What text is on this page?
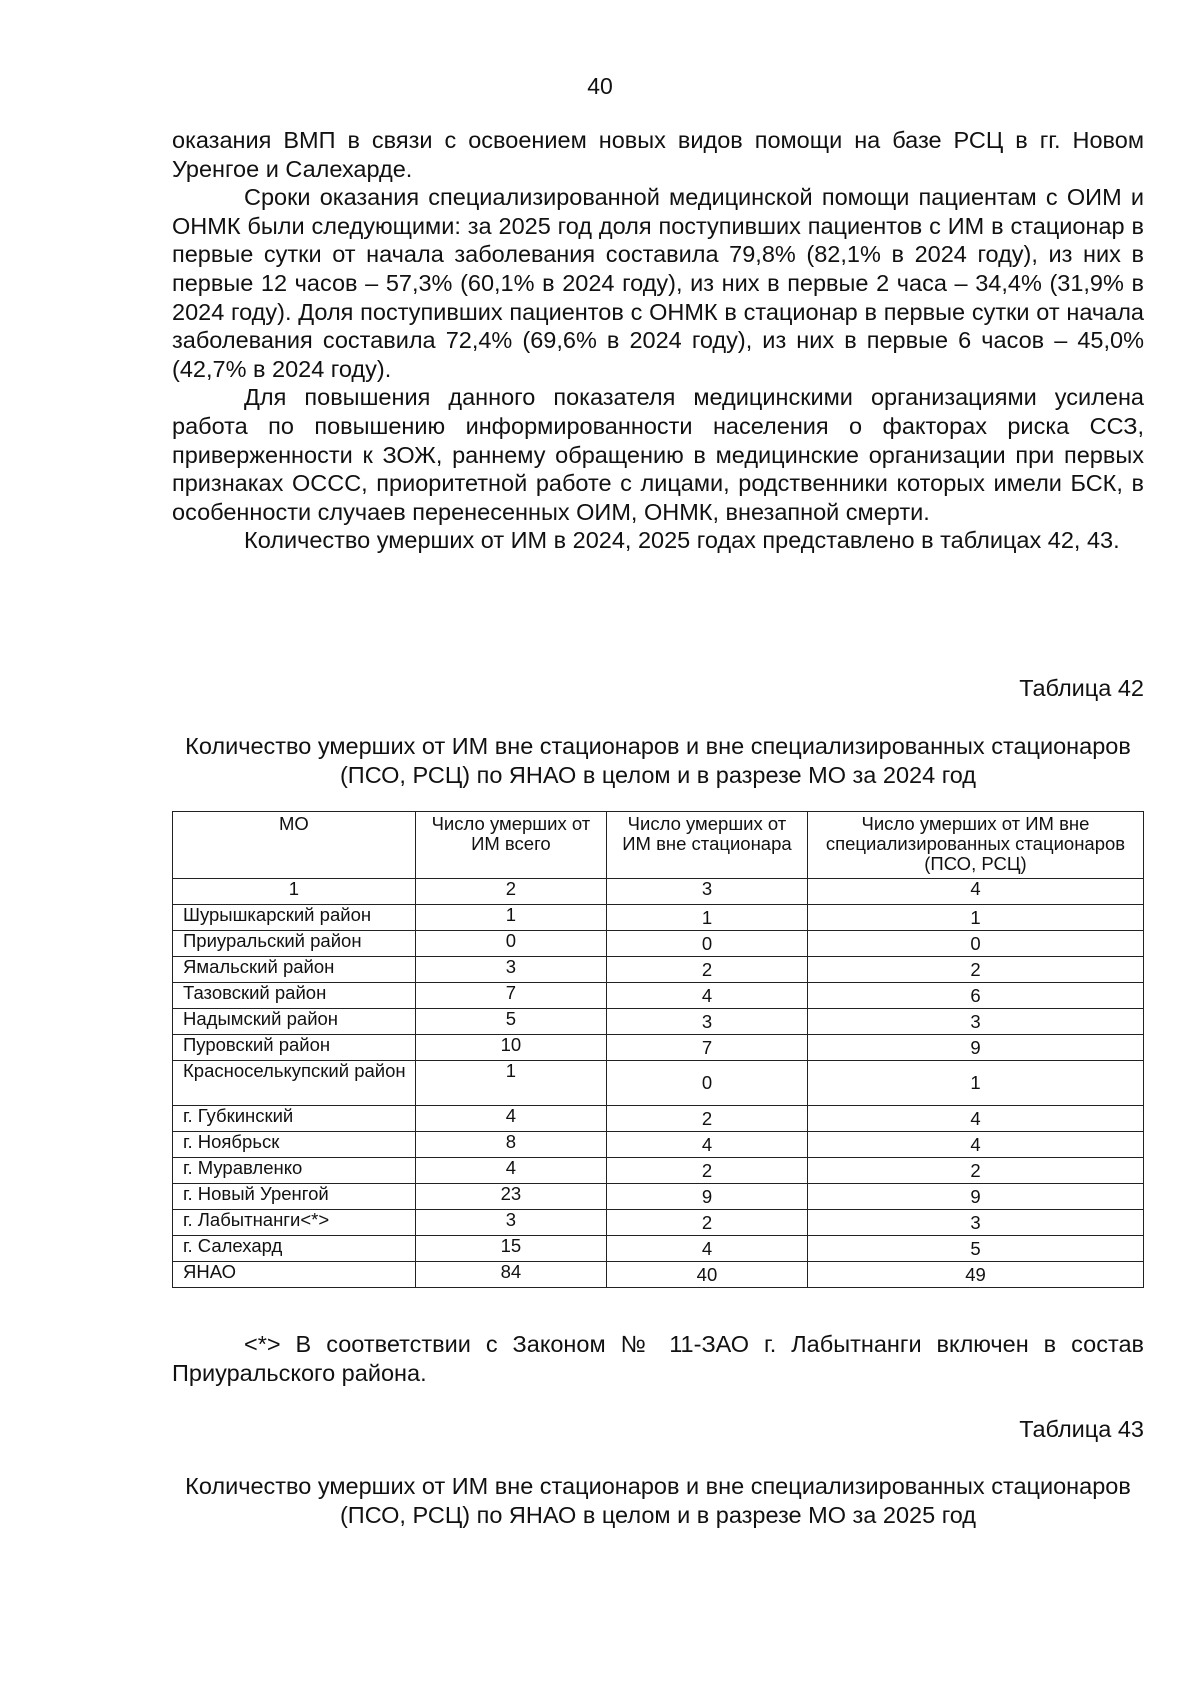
40

оказания ВМП в связи с освоением новых видов помощи на базе РСЦ в гг. Новом Уренгое и Салехарде.

Сроки оказания специализированной медицинской помощи пациентам с ОИМ и ОНМК были следующими: за 2025 год доля поступивших пациентов с ИМ в стационар в первые сутки от начала заболевания составила 79,8% (82,1% в 2024 году), из них в первые 12 часов – 57,3% (60,1% в 2024 году), из них в первые 2 часа – 34,4% (31,9% в 2024 году). Доля поступивших пациентов с ОНМК в стационар в первые сутки от начала заболевания составила 72,4% (69,6% в 2024 году), из них в первые 6 часов – 45,0% (42,7% в 2024 году).

Для повышения данного показателя медицинскими организациями усилена работа по повышению информированности населения о факторах риска ССЗ, приверженности к ЗОЖ, раннему обращению в медицинские организации при первых признаках ОССС, приоритетной работе с лицами, родственники которых имели БСК, в особенности случаев перенесенных ОИМ, ОНМК, внезапной смерти.

Количество умерших от ИМ в 2024, 2025 годах представлено в таблицах 42, 43.

Таблица 42
Количество умерших от ИМ вне стационаров и вне специализированных стационаров (ПСО, РСЦ) по ЯНАО в целом и в разрезе МО за 2024 год
МО	Число умерших от ИМ всего	Число умерших от ИМ вне стационара	Число умерших от ИМ вне специализированных стационаров (ПСО, РСЦ)
1	2	3	4
Шурышкарский район	1	1	1
Приуральский район	0	0	0
Ямальский район	3	2	2
Тазовский район	7	4	6
Надымский район	5	3	3
Пуровский район	10	7	9
Красноселькупский район	1	0	1
г. Губкинский	4	2	4
г. Ноябрьск	8	4	4
г. Муравленко	4	2	2
г. Новый Уренгой	23	9	9
г. Лабытнанги<*>	3	2	3
г. Салехард	15	4	5
ЯНАО	84	40	49

<*> В соответствии с Законом № 11-ЗАО г. Лабытнанги включен в состав Приуральского района.

Таблица 43
Количество умерших от ИМ вне стационаров и вне специализированных стационаров (ПСО, РСЦ) по ЯНАО в целом и в разрезе МО за 2025 год
